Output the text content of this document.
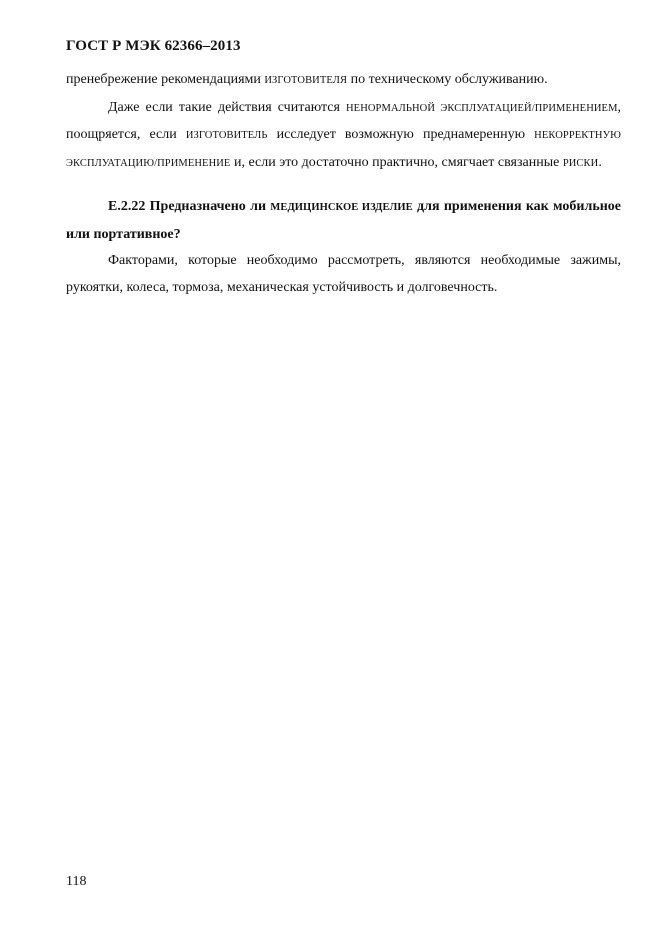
ГОСТ Р МЭК 62366–2013

пренебрежение рекомендациями ИЗГОТОВИТЕЛЯ по техническому обслуживанию.

Даже если такие действия считаются НЕНОРМАЛЬНОЙ ЭКСПЛУАТАЦИЕЙ/ПРИМЕНЕНИЕМ, поощряется, если ИЗГОТОВИТЕЛЬ исследует возможную преднамеренную НЕКОРРЕКТНУЮ ЭКСПЛУАТАЦИЮ/ПРИМЕНЕНИЕ и, если это достаточно практично, смягчает связанные РИСКИ.

Е.2.22 Предназначено ли МЕДИЦИНСКОЕ ИЗДЕЛИЕ для применения как мобильное или портативное?

Факторами, которые необходимо рассмотреть, являются необходимые зажимы, рукоятки, колеса, тормоза, механическая устойчивость и долговечность.

118
